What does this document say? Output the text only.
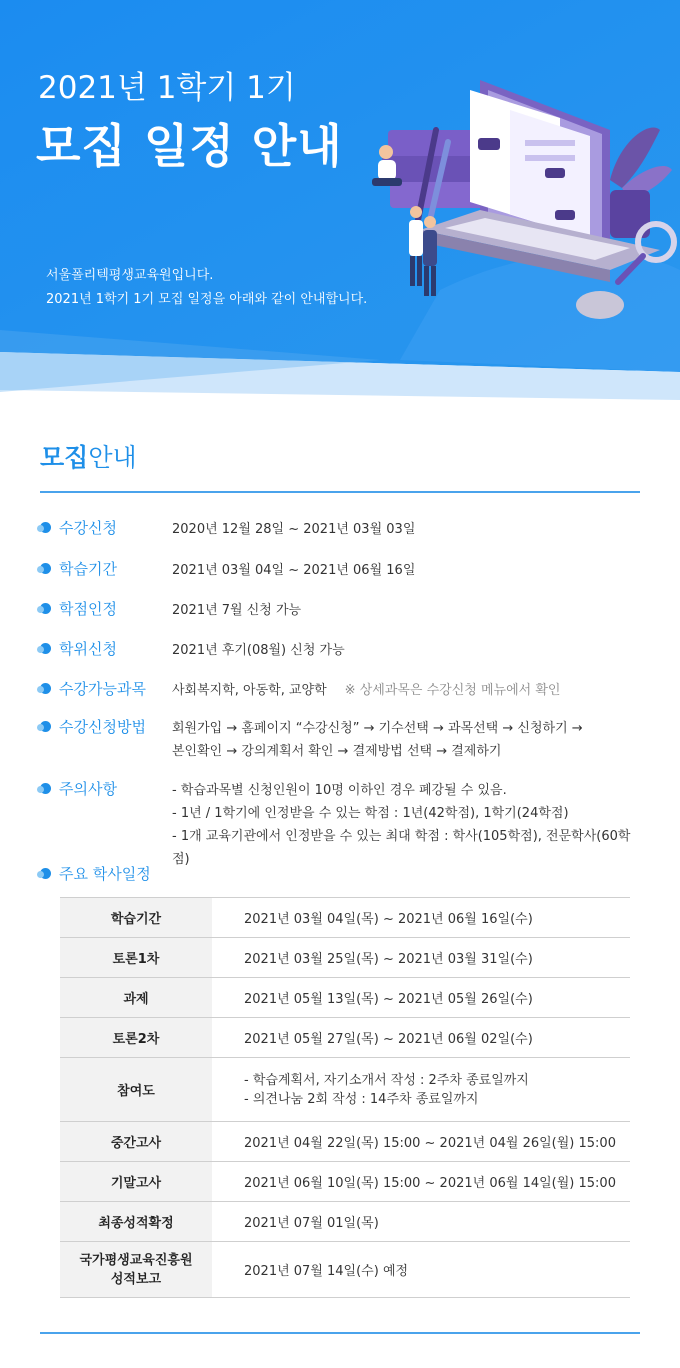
2021년 1학기 1기
모집 일정 안내
서울폴리텍평생교육원입니다.
2021년 1학기 1기 모집 일정을 아래와 같이 안내합니다.
모집안내
수강신청	2020년 12월 28일 ~ 2021년 03월 03일
학습기간	2021년 03월 04일 ~ 2021년 06월 16일
학점인정	2021년 7월 신청 가능
학위신청	2021년 후기(08월) 신청 가능
수강가능과목 사회복지학, 아동학, 교양학 ※ 상세과목은 수강신청 메뉴에서 확인
수강신청방법 회원가입 → 홈페이지 “수강신청” → 기수선택 → 과목선택 → 신청하기 →
본인확인 → 강의계획서 확인 → 결제방법 선택 → 결제하기
주의사항	- 학습과목별 신청인원이 10명 이하인 경우 폐강될 수 있음.
- 1년 / 1학기에 인정받을 수 있는 학점 : 1년(42학점), 1학기(24학점)
- 1개 교육기관에서 인정받을 수 있는 최대 학점 : 학사(105학점), 전문학사(60학점)
주요 학사일정
학습기간	2021년 03월 04일(목) ~ 2021년 06월 16일(수)
토론1차	2021년 03월 25일(목) ~ 2021년 03월 31일(수)
과제	2021년 05월 13일(목) ~ 2021년 05월 26일(수)
토론2차	2021년 05월 27일(목) ~ 2021년 06월 02일(수)
참여도	- 학습계획서, 자기소개서 작성 : 2주차 종료일까지
- 의견나눔 2회 작성 : 14주차 종료일까지

중간고사	2021년 04월 22일(목) 15:00 ~ 2021년 04월 26일(월) 15:00
기말고사	2021년 06월 10일(목) 15:00 ~ 2021년 06월 14일(월) 15:00
최종성적확정	2021년 07월 01일(목)

국가평생교육진흥원
성적보고	2021년 07월 14일(수) 예정
